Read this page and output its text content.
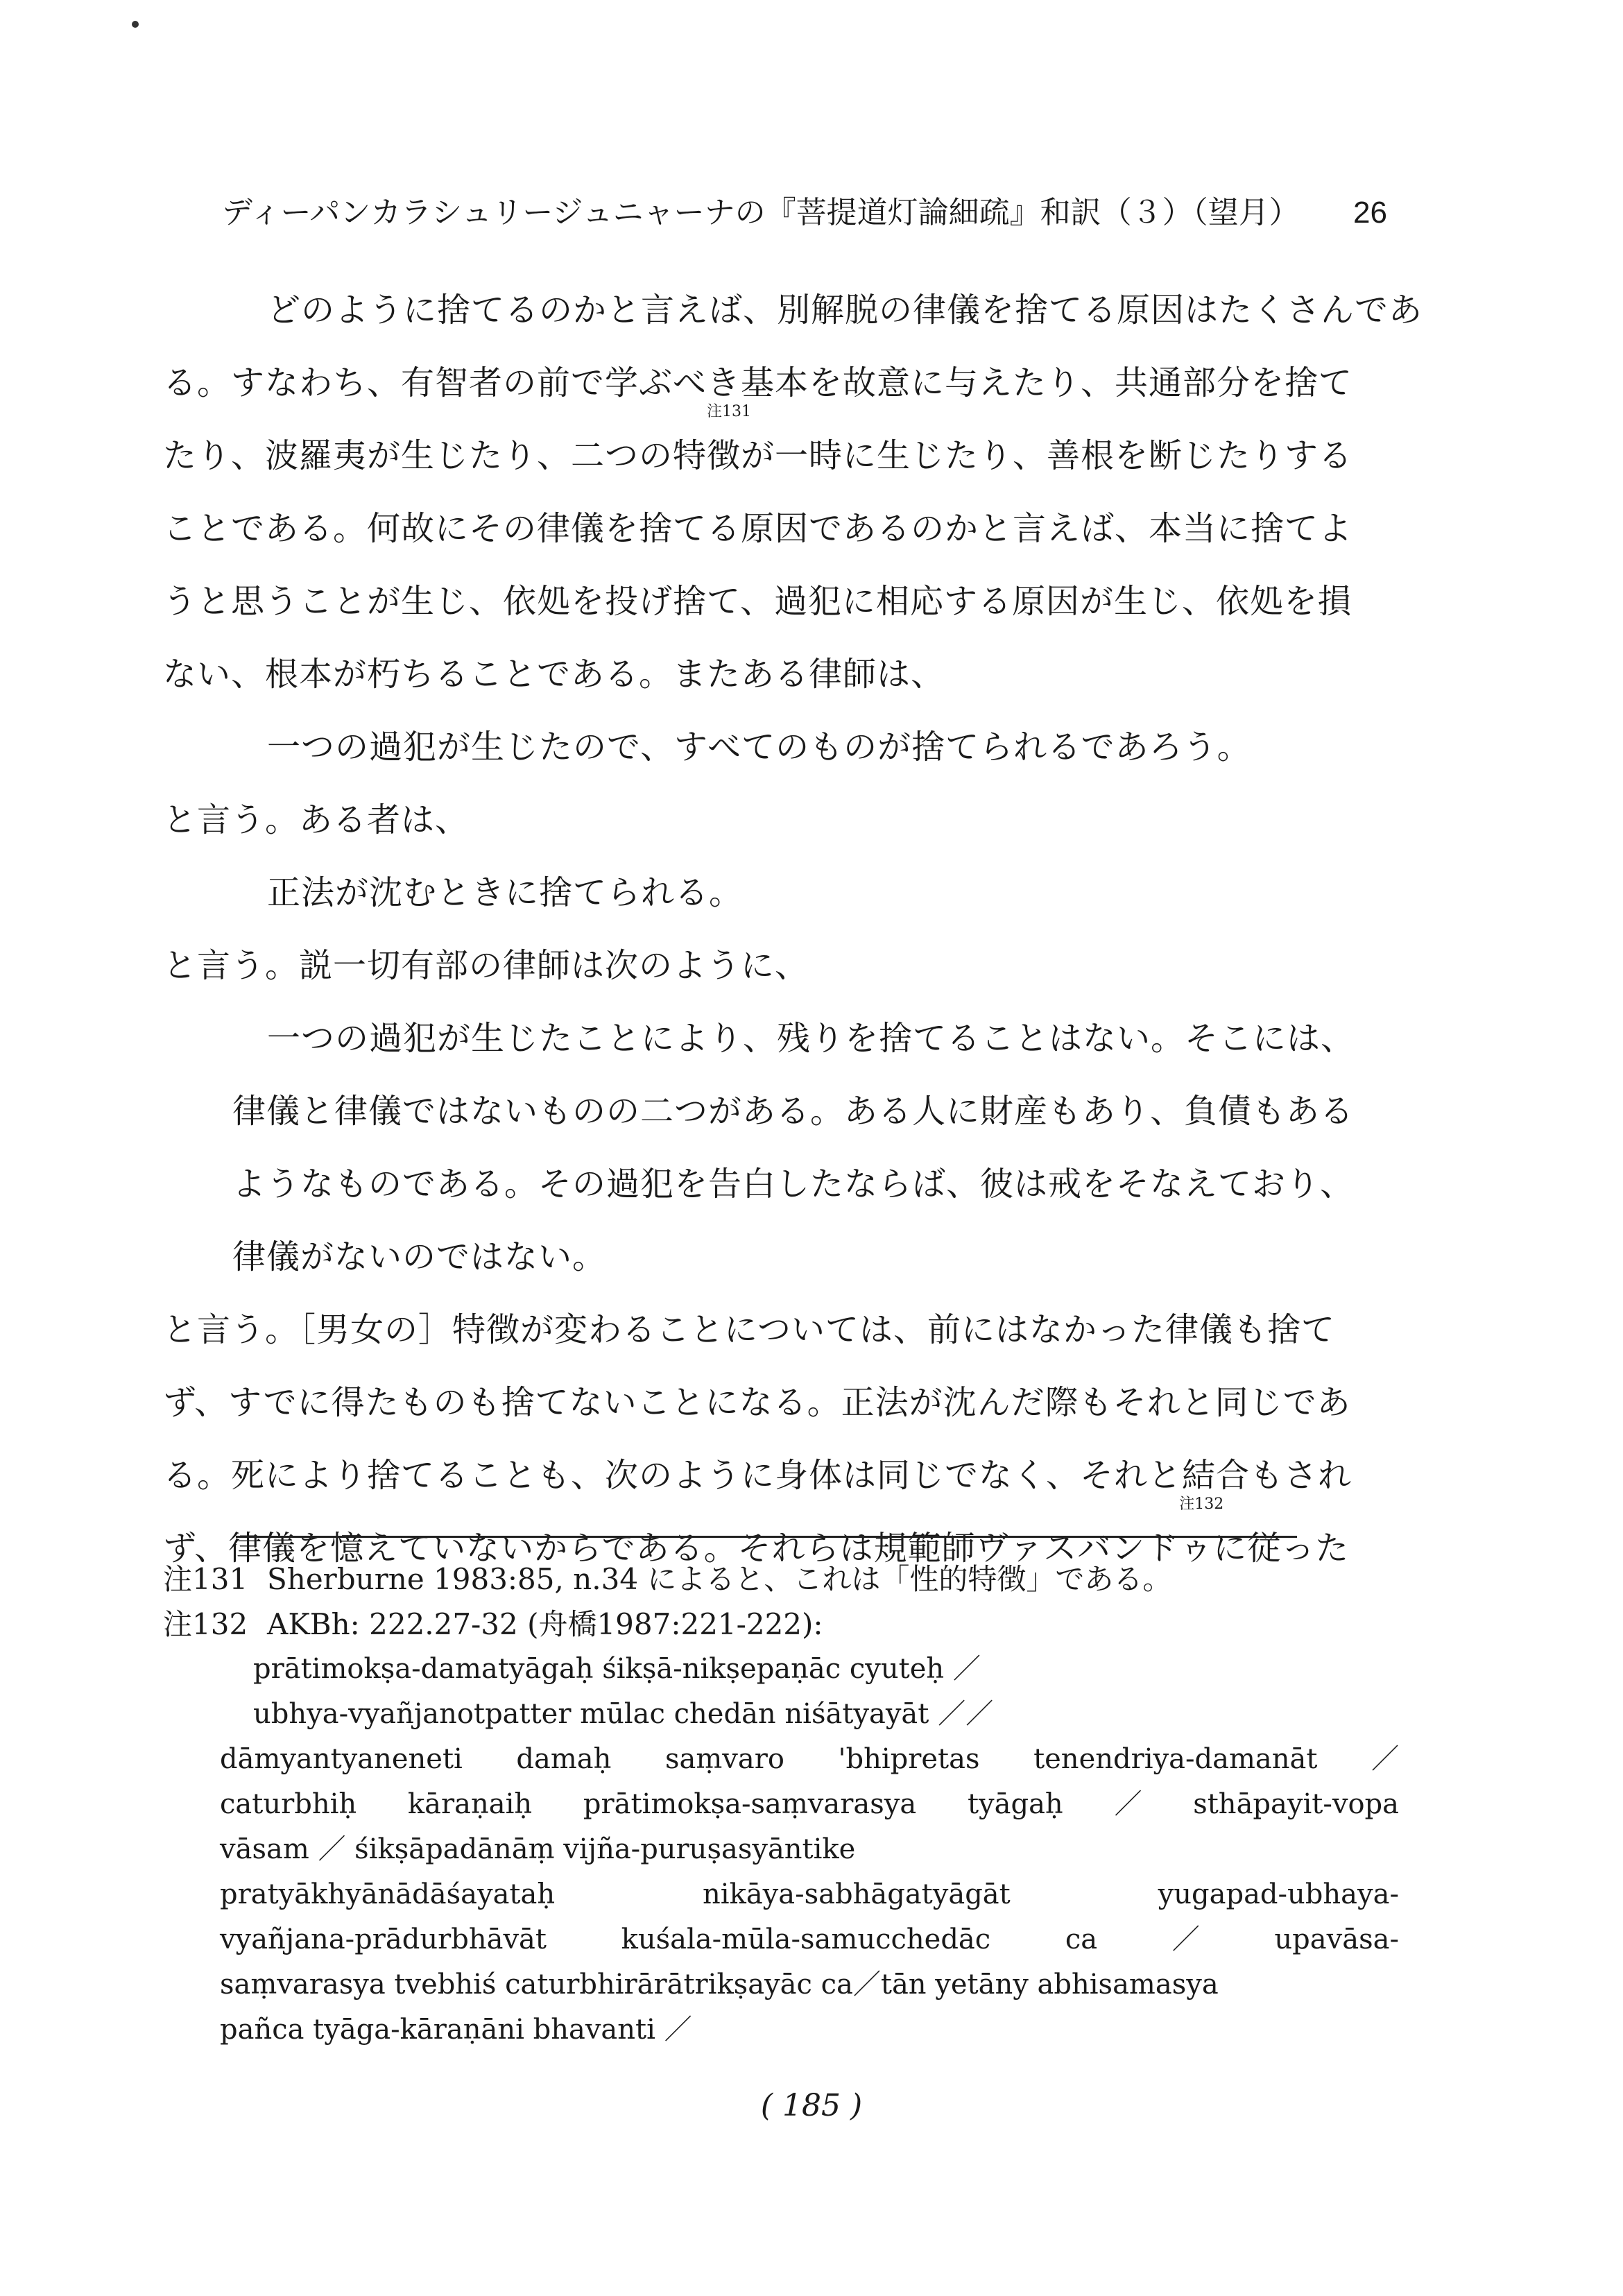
ディーパンカラシュリージュニャーナの『菩提道灯論細疏』和訳（３）（望月） 26
どのように捨てるのかと言えば、別解脱の律儀を捨てる原因はたくさんであ
る。すなわち、有智者の前で学ぶべき基本を故意に与えたり、共通部分を捨て
たり、波羅夷が生じたり、二つの特
注131
徴が一時に生じたり、善根を断じたりする
ことである。何故にその律儀を捨てる原因であるのかと言えば、本当に捨てよ
うと思うことが生じ、依処を投げ捨て、過犯に相応する原因が生じ、依処を損
ない、根本が朽ちることである。またある律師は、
一つの過犯が生じたので、すべてのものが捨てられるであろう。
と言う。ある者は、
正法が沈むときに捨てられる。
と言う。説一切有部の律師は次のように、
一つの過犯が生じたことにより、残りを捨てることはない。そこには、
律儀と律儀ではないものの二つがある。ある人に財産もあり、負債もある
ようなものである。その過犯を告白したならば、彼は戒をそなえており、
律儀がないのではない。
と言う。［男女の］特徴が変わることについては、前にはなかった律儀も捨て
ず、すでに得たものも捨てないことになる。正法が沈んだ際もそれと同じであ
る。死により捨てることも、次のように身体は同じでなく、それと結合もされ
ず、律儀を憶えていないからである。それらは規範師ヴァスバンド
注132
ゥに従った
注131 Sherburne 1983:85, n.34 によると、これは「性的特徴」である。
注132 AKBh: 222.27-32 (舟橋1987:221-222):
prātimokṣa-damatyāgaḥ śikṣā-nikṣepaṇāc cyuteḥ ／
ubhya-vyañjanotpatter mūlac chedān niśātyayāt ／／
dāmyantyaneneti damaḥ saṃvaro 'bhipretas tenendriya-damanāt ／
caturbhiḥ kāraṇaiḥ prātimokṣa-saṃvarasya tyāgaḥ ／ sthāpayit-vopa
vāsam ／ śikṣāpadānāṃ vijña-puruṣasyāntike
pratyākhyānādāśayataḥ	nikāya-sabhāgatyāgāt	yugapad-ubhaya-
vyañjana-prādurbhāvāt	kuśala-mūla-samucchedāc	ca	／	upavāsa-
saṃvarasya tvebhiś caturbhirārātrikṣayāc ca／tān yetāny abhisamasya
pañca tyāga-kāraṇāni bhavanti ／
( 185 )
